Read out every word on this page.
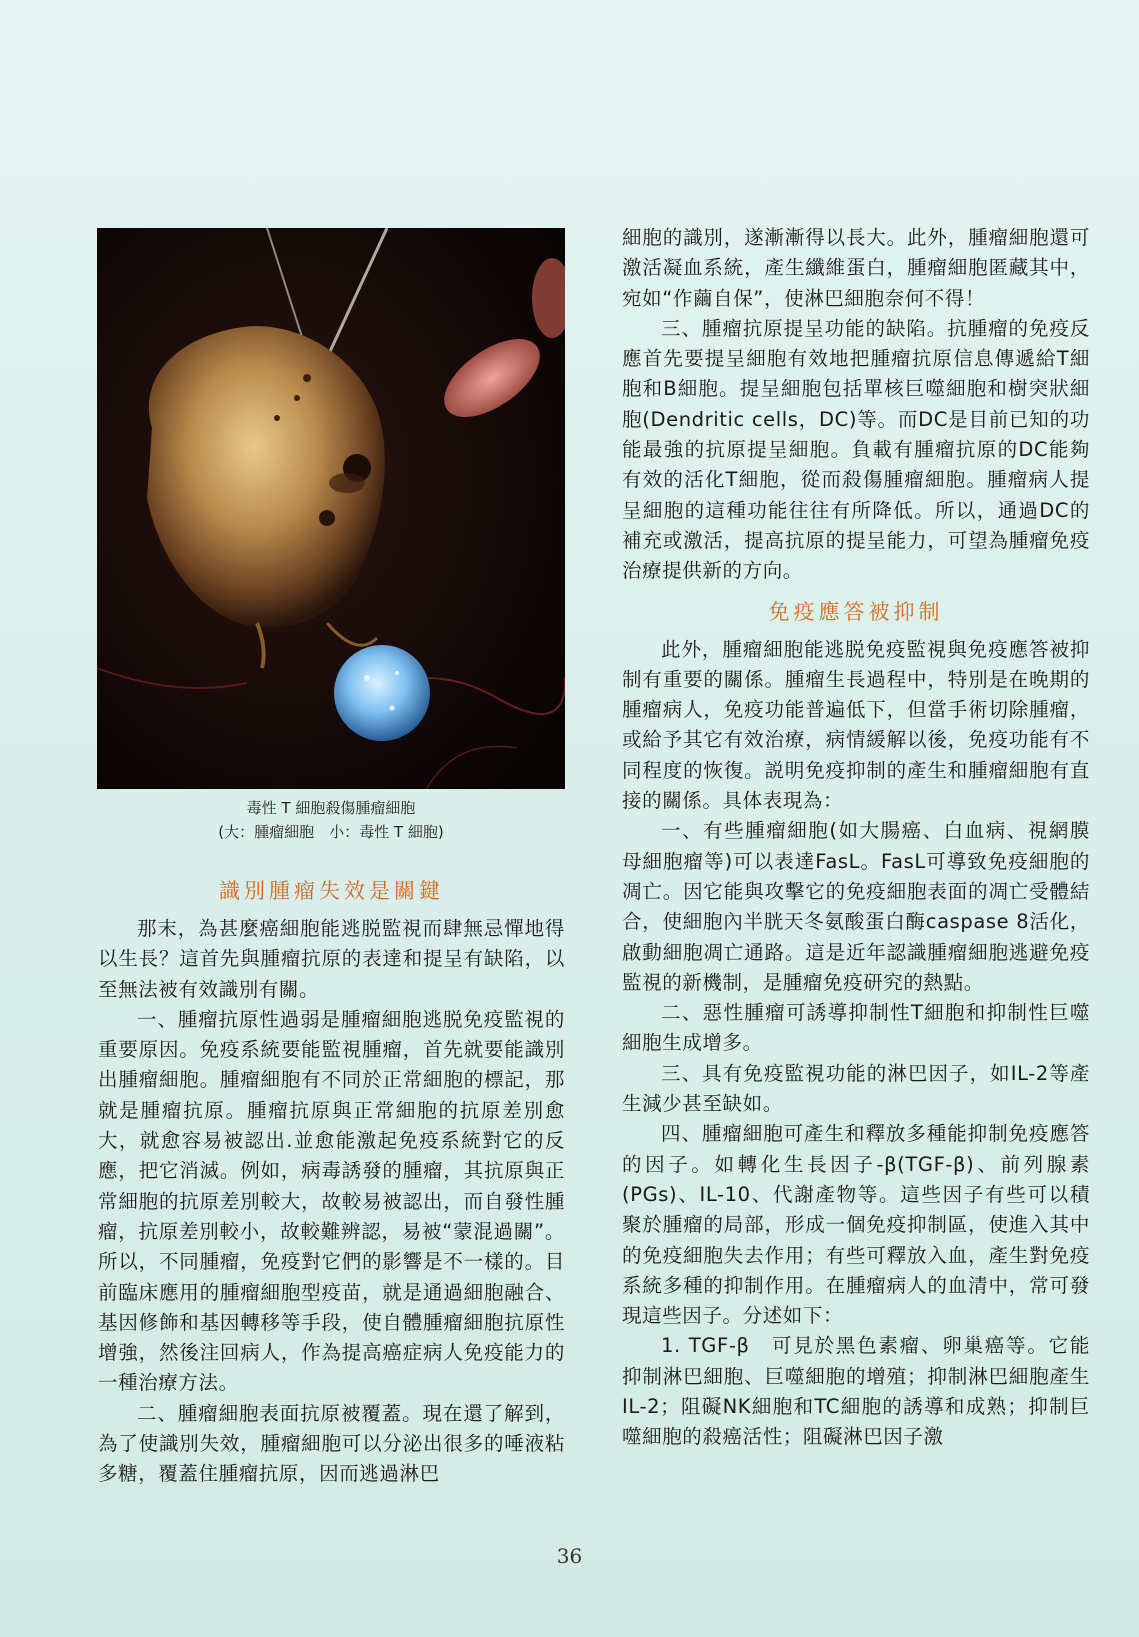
毒性 T 細胞殺傷腫瘤細胞
(大：腫瘤細胞　小：毒性 T 細胞)
識別腫瘤失效是關鍵

那末，為甚麼癌細胞能逃脱監視而肆無忌憚地得以生長？這首先與腫瘤抗原的表達和提呈有缺陷，以至無法被有效識別有關。

一、腫瘤抗原性過弱是腫瘤細胞逃脱免疫監視的重要原因。免疫系統要能監視腫瘤，首先就要能識別出腫瘤細胞。腫瘤細胞有不同於正常細胞的標記，那就是腫瘤抗原。腫瘤抗原與正常細胞的抗原差別愈大，就愈容易被認出.並愈能激起免疫系統對它的反應，把它消滅。例如，病毒誘發的腫瘤，其抗原與正常細胞的抗原差別較大，故較易被認出，而自發性腫瘤，抗原差別較小，故較難辨認，易被“蒙混過關”。所以，不同腫瘤，免疫對它們的影響是不一樣的。目前臨床應用的腫瘤細胞型疫苗，就是通過細胞融合、基因修飾和基因轉移等手段，使自體腫瘤細胞抗原性增強，然後注回病人，作為提高癌症病人免疫能力的一種治療方法。

二、腫瘤細胞表面抗原被覆蓋。現在還了解到，為了使識別失效，腫瘤細胞可以分泌出很多的唾液粘多糖，覆蓋住腫瘤抗原，因而逃過淋巴

細胞的識別，遂漸漸得以長大。此外，腫瘤細胞還可激活凝血系統，產生纖維蛋白，腫瘤細胞匿藏其中，宛如“作繭自保”，使淋巴細胞奈何不得！

三、腫瘤抗原提呈功能的缺陷。抗腫瘤的免疫反應首先要提呈細胞有效地把腫瘤抗原信息傳遞給T細胞和B細胞。提呈細胞包括單核巨噬細胞和樹突狀細胞(Dendritic cells，DC)等。而DC是目前已知的功能最強的抗原提呈細胞。負載有腫瘤抗原的DC能夠有效的活化T細胞，從而殺傷腫瘤細胞。腫瘤病人提呈細胞的這種功能往往有所降低。所以，通過DC的補充或激活，提高抗原的提呈能力，可望為腫瘤免疫治療提供新的方向。

免疫應答被抑制

此外，腫瘤細胞能逃脱免疫監視與免疫應答被抑制有重要的關係。腫瘤生長過程中，特別是在晚期的腫瘤病人，免疫功能普遍低下，但當手術切除腫瘤，或給予其它有效治療，病情緩解以後，免疫功能有不同程度的恢復。説明免疫抑制的產生和腫瘤細胞有直接的關係。具体表現為：

一、有些腫瘤細胞(如大腸癌、白血病、視網膜母細胞瘤等)可以表達FasL。FasL可導致免疫細胞的凋亡。因它能與攻擊它的免疫細胞表面的凋亡受體結合，使細胞內半胱天冬氨酸蛋白酶caspase 8活化，啟動細胞凋亡通路。這是近年認識腫瘤細胞逃避免疫監視的新機制，是腫瘤免疫研究的熱點。

二、惡性腫瘤可誘導抑制性T細胞和抑制性巨噬細胞生成增多。

三、具有免疫監視功能的淋巴因子，如IL-2等產生減少甚至缺如。

四、腫瘤細胞可產生和釋放多種能抑制免疫應答的因子。如轉化生長因子-β(TGF-β)、前列腺素(PGs)、IL-10、代謝產物等。這些因子有些可以積聚於腫瘤的局部，形成一個免疫抑制區，使進入其中的免疫細胞失去作用；有些可釋放入血，產生對免疫系統多種的抑制作用。在腫瘤病人的血清中，常可發現這些因子。分述如下：

1. TGF-β　可見於黑色素瘤、卵巢癌等。它能抑制淋巴細胞、巨噬細胞的增殖；抑制淋巴細胞產生IL-2；阻礙NK細胞和TC細胞的誘導和成熟；抑制巨噬細胞的殺癌活性；阻礙淋巴因子激

36
